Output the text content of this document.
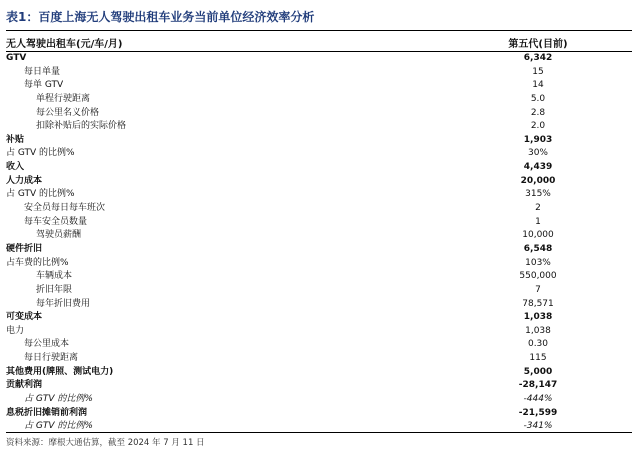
表1：百度上海无人驾驶出租车业务当前单位经济效率分析
无人驾驶出租车(元/车/月)	第五代(目前)
GTV	6,342
每日单量	15
每单 GTV	14
单程行驶距离	5.0
每公里名义价格	2.8
扣除补贴后的实际价格	2.0
补贴	1,903
占 GTV 的比例%	30%
收入	4,439
人力成本	20,000
占 GTV 的比例%	315%
安全员每日每车班次	2
每车安全员数量	1
驾驶员薪酬	10,000
硬件折旧	6,548
占车费的比例%	103%
车辆成本	550,000
折旧年限	7
每年折旧费用	78,571
可变成本	1,038
电力	1,038
每公里成本	0.30
每日行驶距离	115
其他费用(牌照、测试电力)	5,000
贡献利润	-28,147
占 GTV 的比例%	-444%
息税折旧摊销前利润	-21,599
占 GTV 的比例%	-341%
资料来源：摩根大通估算，截至 2024 年 7 月 11 日
